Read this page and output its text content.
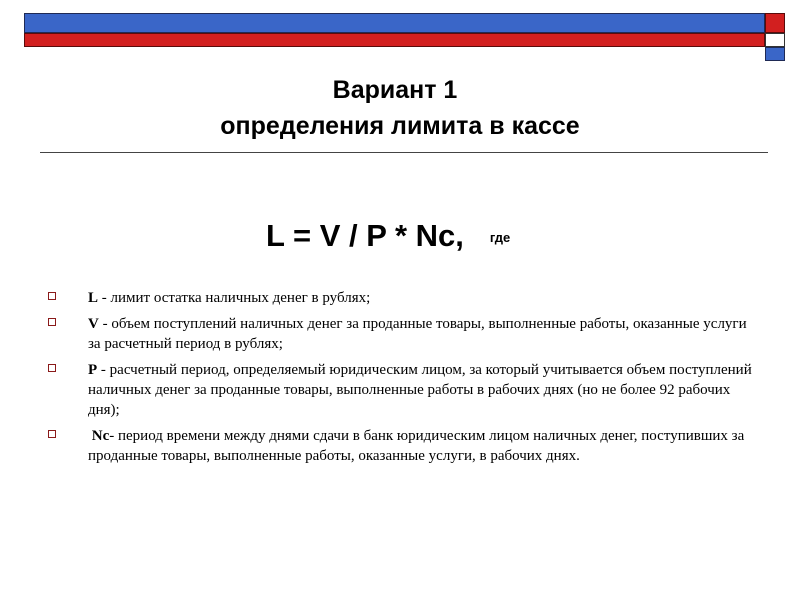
Вариант 1
определения лимита в кассе
L = V / P * Nc, где
L - лимит остатка наличных денег в рублях;
V - объем поступлений наличных денег за проданные товары, выполненные работы, оказанные услуги за расчетный период в рублях;
P - расчетный период, определяемый юридическим лицом, за который учитывается объем поступлений наличных денег за проданные товары, выполненные работы в рабочих днях (но не более 92 рабочих дня);
Nc- период времени между днями сдачи в банк юридическим лицом наличных денег, поступивших за проданные товары, выполненные работы, оказанные услуги, в рабочих днях.
